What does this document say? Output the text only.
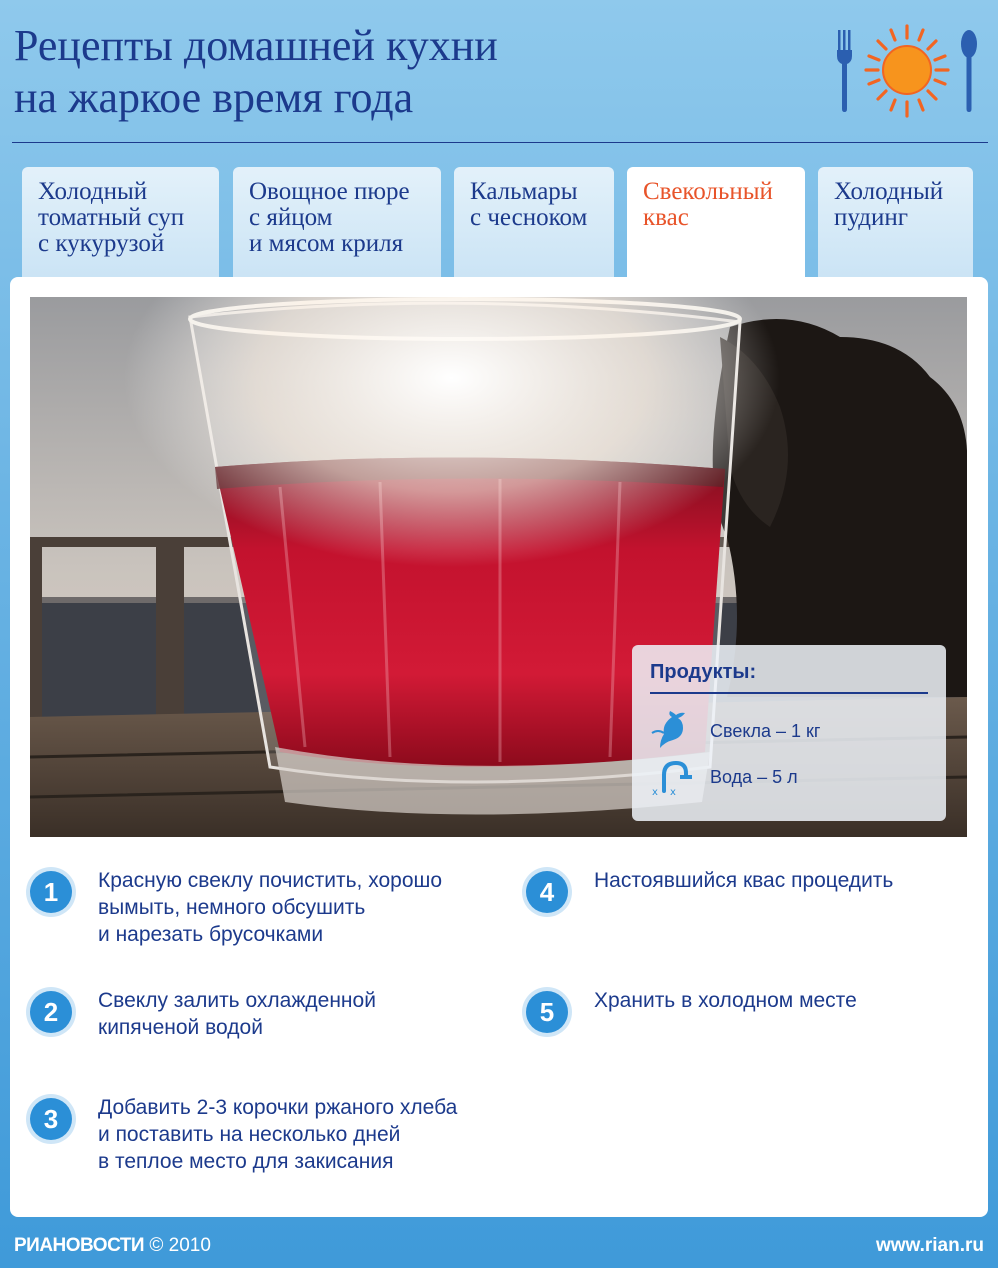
Рецепты домашней кухни
на жаркое время года
Холодный
томатный суп
с кукурузой
Овощное пюре
с яйцом
и мясом криля
Кальмары
с чесноком
Свекольный
квас
Холодный
пудинг

Продукты:

Свекла – 1 кг
x x
Вода – 5 л
1	Красную свеклу почистить, хорошо
вымыть, немного обсушить
и нарезать брусочками
2	Свеклу залить охлажденной
кипяченой водой
3	Добавить 2-3 корочки ржаного хлеба
и поставить на несколько дней
в теплое место для закисания
4	Настоявшийся квас процедить
5	Хранить в холодном месте
РИАНОВОСТИ © 2010	www.rian.ru
